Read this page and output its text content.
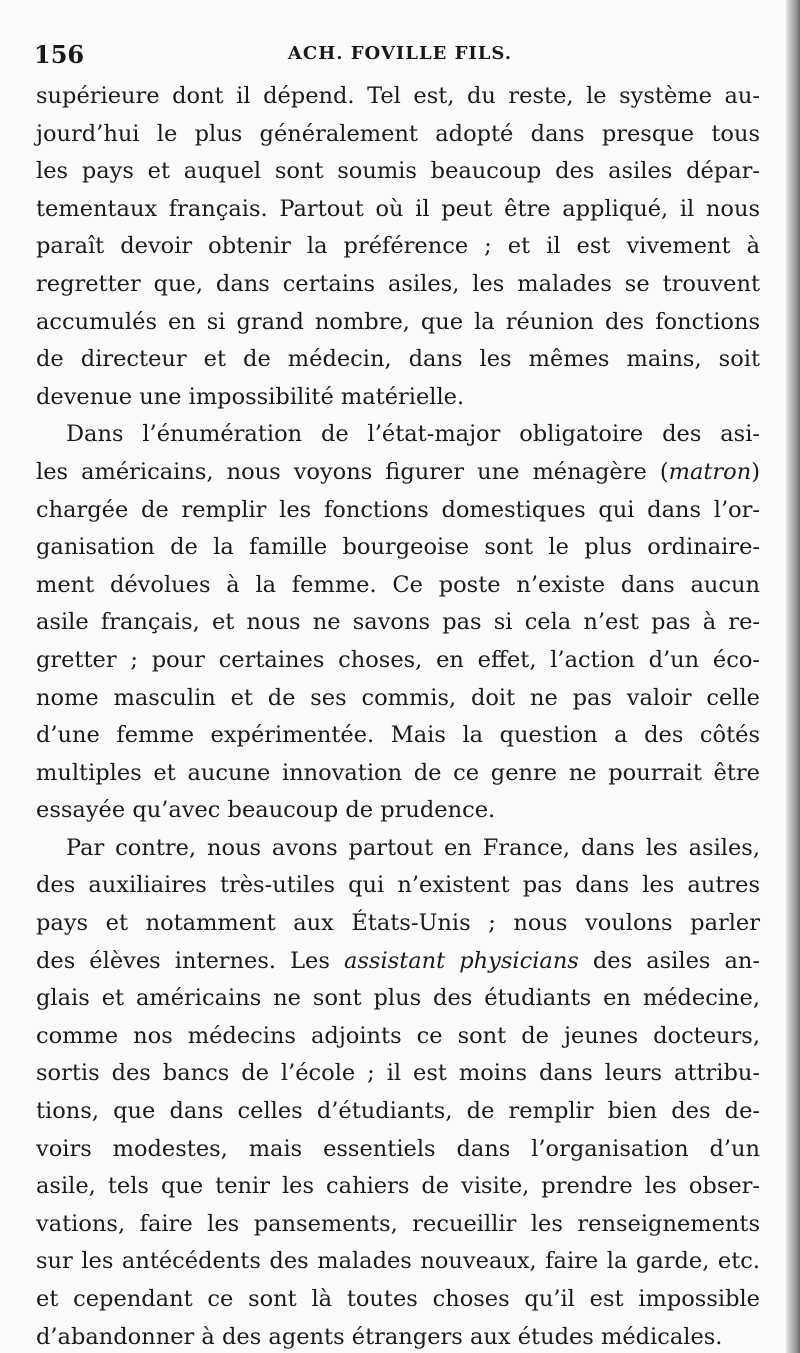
156	ACH. FOVILLE FILS.
supérieure dont il dépend. Tel est, du reste, le système au-
jourd’hui le plus généralement adopté dans presque tous
les pays et auquel sont soumis beaucoup des asiles dépar-
tementaux français. Partout où il peut être appliqué, il nous
paraît devoir obtenir la préférence ; et il est vivement à
regretter que, dans certains asiles, les malades se trouvent
accumulés en si grand nombre, que la réunion des fonctions
de directeur et de médecin, dans les mêmes mains, soit
devenue une impossibilité matérielle.
Dans l’énumération de l’état-major obligatoire des asi-
les américains, nous voyons figurer une ménagère (matron)
chargée de remplir les fonctions domestiques qui dans l’or-
ganisation de la famille bourgeoise sont le plus ordinaire-
ment dévolues à la femme. Ce poste n’existe dans aucun
asile français, et nous ne savons pas si cela n’est pas à re-
gretter ; pour certaines choses, en effet, l’action d’un éco-
nome masculin et de ses commis, doit ne pas valoir celle
d’une femme expérimentée. Mais la question a des côtés
multiples et aucune innovation de ce genre ne pourrait être
essayée qu’avec beaucoup de prudence.
Par contre, nous avons partout en France, dans les asiles,
des auxiliaires très-utiles qui n’existent pas dans les autres
pays et notamment aux États-Unis ; nous voulons parler
des élèves internes. Les assistant physicians des asiles an-
glais et américains ne sont plus des étudiants en médecine,
comme nos médecins adjoints ce sont de jeunes docteurs,
sortis des bancs de l’école ; il est moins dans leurs attribu-
tions, que dans celles d’étudiants, de remplir bien des de-
voirs modestes, mais essentiels dans l’organisation d’un
asile, tels que tenir les cahiers de visite, prendre les obser-
vations, faire les pansements, recueillir les renseignements
sur les antécédents des malades nouveaux, faire la garde, etc.
et cependant ce sont là toutes choses qu’il est impossible
d’abandonner à des agents étrangers aux études médicales.
